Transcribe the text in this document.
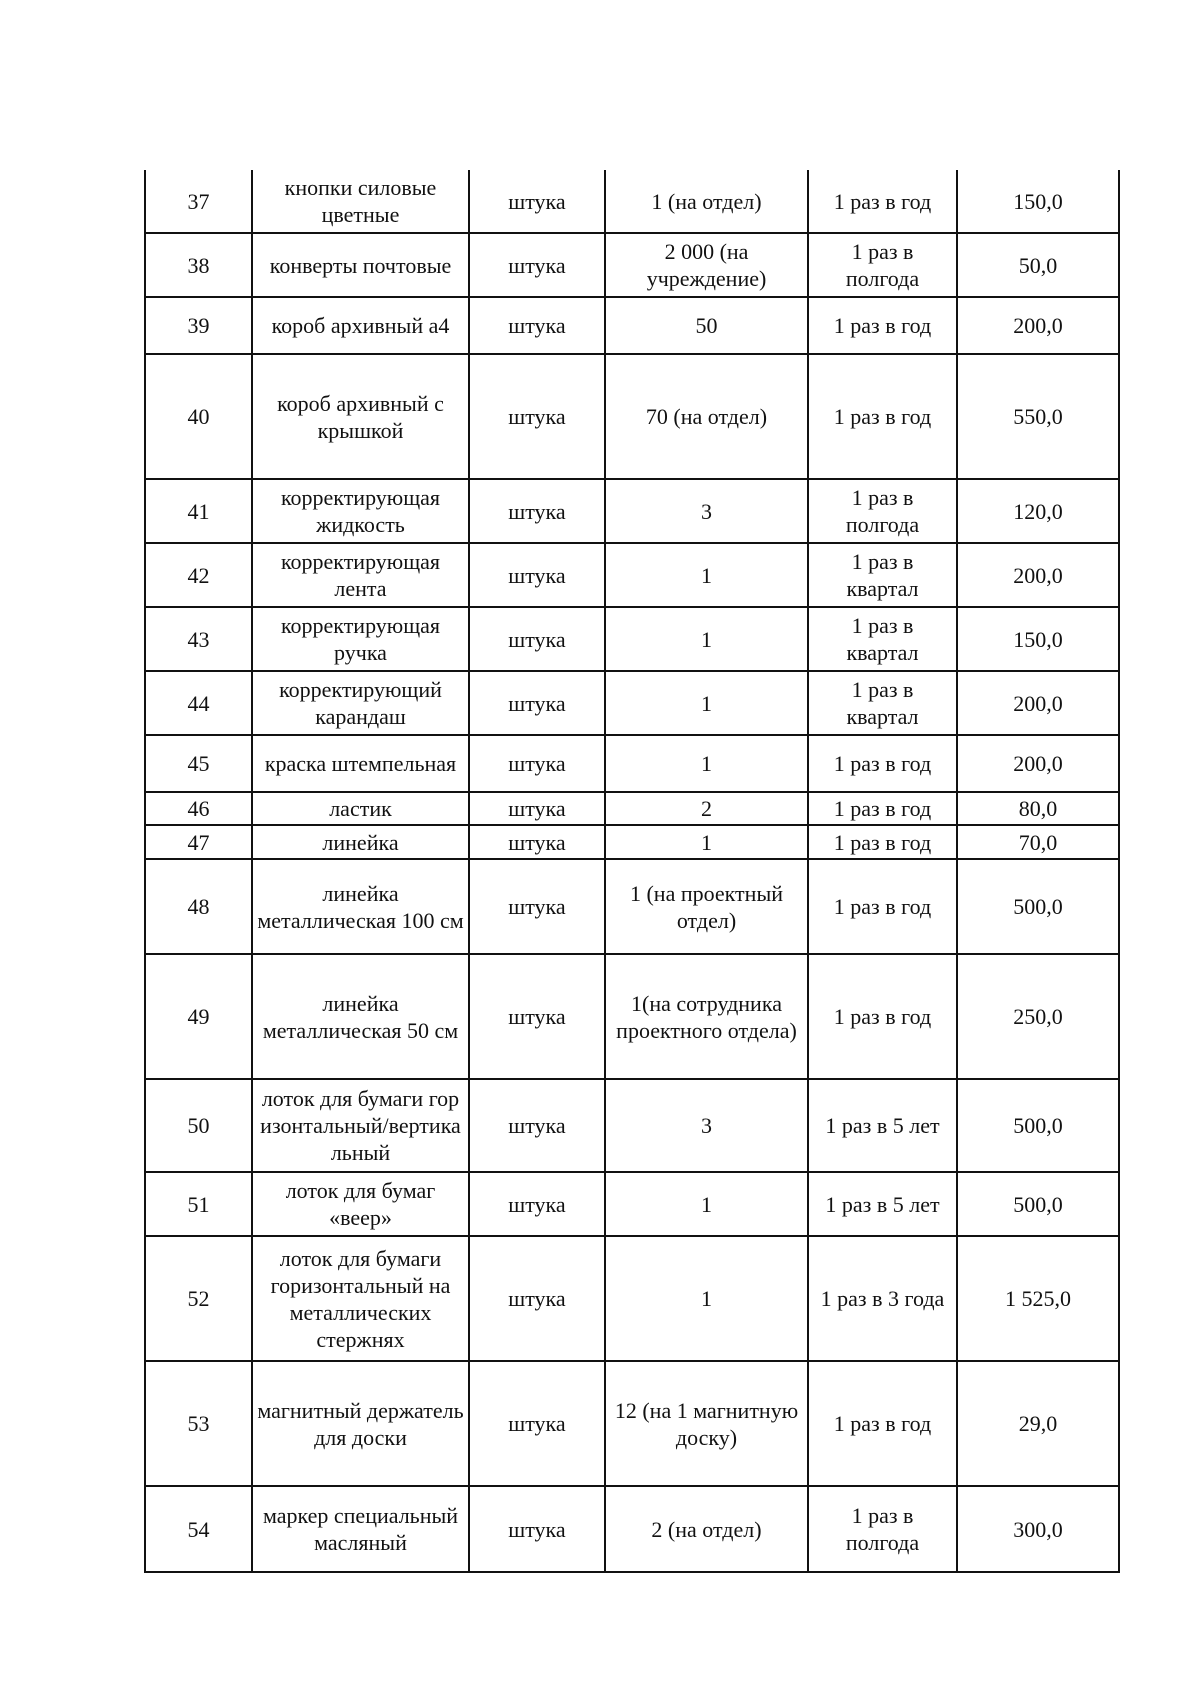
37	кнопки силовые цветные	штука	1 (на отдел)	1 раз в год	150,0
38	конверты почтовые	штука	2 000 (на учреждение)	1 раз в полгода	50,0
39	короб архивный а4	штука	50	1 раз в год	200,0
40	короб архивный с крышкой	штука	70 (на отдел)	1 раз в год	550,0
41	корректирующая жидкость	штука	3	1 раз в полгода	120,0
42	корректирующая лента	штука	1	1 раз в квартал	200,0
43	корректирующая ручка	штука	1	1 раз в квартал	150,0
44	корректирующий карандаш	штука	1	1 раз в квартал	200,0
45	краска штемпельная	штука	1	1 раз в год	200,0
46	ластик	штука	2	1 раз в год	80,0
47	линейка	штука	1	1 раз в год	70,0
48	линейка металлическая 100 см	штука	1 (на проектный отдел)	1 раз в год	500,0
49	линейка металлическая 50 см	штука	1(на сотрудника проектного отдела)	1 раз в год	250,0
50	лоток для бумаги горизонтальный/вертикальный	штука	3	1 раз в 5 лет	500,0
51	лоток для бумаг «веер»	штука	1	1 раз в 5 лет	500,0
52	лоток для бумаги горизонтальный на металлических стержнях	штука	1	1 раз в 3 года	1 525,0
53	магнитный держатель для доски	штука	12 (на 1 магнитную доску)	1 раз в год	29,0
54	маркер специальный масляный	штука	2 (на отдел)	1 раз в полгода	300,0
